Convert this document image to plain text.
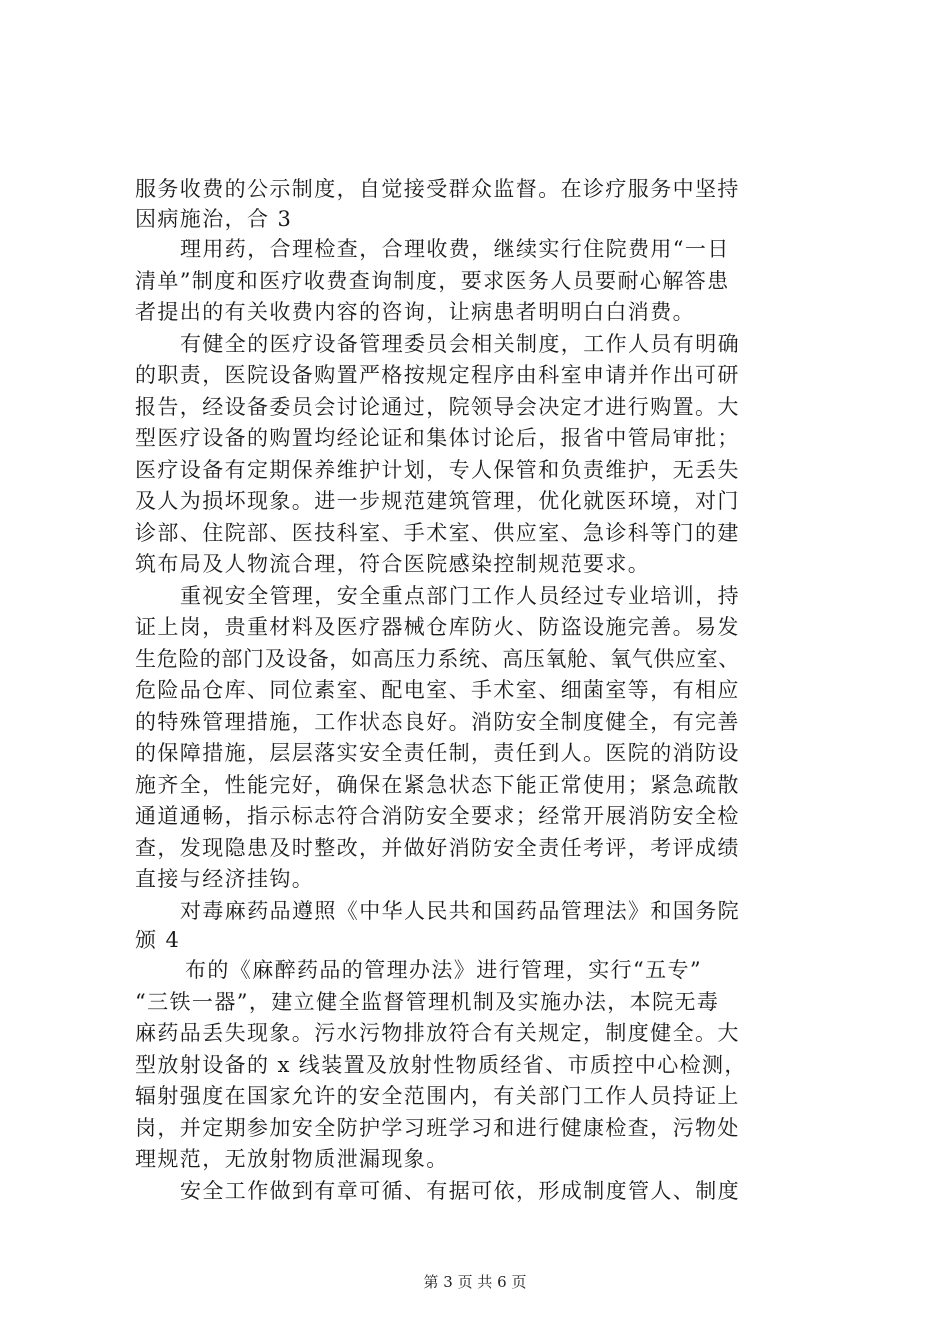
服务收费的公示制度，自觉接受群众监督。在诊疗服务中坚持
因病施治，合 3
理用药，合理检查，合理收费，继续实行住院费用“一日
清单”制度和医疗收费查询制度，要求医务人员要耐心解答患
者提出的有关收费内容的咨询，让病患者明明白白消费。
有健全的医疗设备管理委员会相关制度，工作人员有明确
的职责，医院设备购置严格按规定程序由科室申请并作出可研
报告，经设备委员会讨论通过，院领导会决定才进行购置。大
型医疗设备的购置均经论证和集体讨论后，报省中管局审批；
医疗设备有定期保养维护计划，专人保管和负责维护，无丢失
及人为损坏现象。进一步规范建筑管理，优化就医环境，对门
诊部、住院部、医技科室、手术室、供应室、急诊科等门的建
筑布局及人物流合理，符合医院感染控制规范要求。
重视安全管理，安全重点部门工作人员经过专业培训，持
证上岗，贵重材料及医疗器械仓库防火、防盗设施完善。易发
生危险的部门及设备，如高压力系统、高压氧舱、氧气供应室、
危险品仓库、同位素室、配电室、手术室、细菌室等，有相应
的特殊管理措施，工作状态良好。消防安全制度健全，有完善
的保障措施，层层落实安全责任制，责任到人。医院的消防设
施齐全，性能完好，确保在紧急状态下能正常使用；紧急疏散
通道通畅，指示标志符合消防安全要求；经常开展消防安全检
查，发现隐患及时整改，并做好消防安全责任考评，考评成绩
直接与经济挂钩。
对毒麻药品遵照《中华人民共和国药品管理法》和国务院
颁 4
布的《麻醉药品的管理办法》进行管理，实行“五专”
“三铁一器”，建立健全监督管理机制及实施办法，本院无毒
麻药品丢失现象。污水污物排放符合有关规定，制度健全。大
型放射设备的 x 线装置及放射性物质经省、市质控中心检测，
辐射强度在国家允许的安全范围内，有关部门工作人员持证上
岗，并定期参加安全防护学习班学习和进行健康检查，污物处
理规范，无放射物质泄漏现象。
安全工作做到有章可循、有据可依，形成制度管人、制度
第 3 页 共 6 页
